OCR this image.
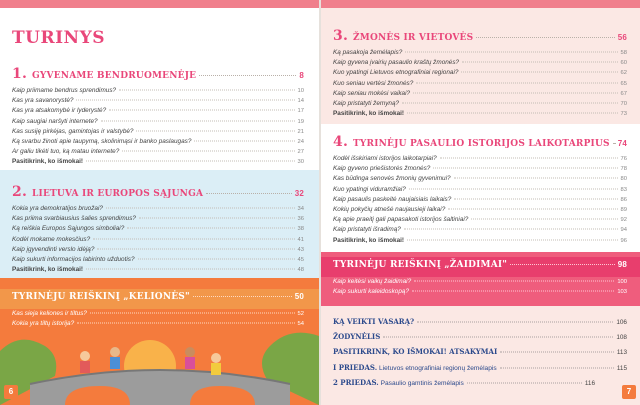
TURINYS
1. GYVENAME BENDRUOMENĖJE	8
Kaip priimame bendrus sprendimus?	10
Kas yra savanorystė?	14
Kas yra atsakomybė ir lyderystė?	17
Kaip saugiai naršyti internete?	19
Kas susiję pirkėjas, gamintojas ir valstybė?	21
Ką svarbu žinoti apie taupymą, skolinimąsi ir banko paslaugas?	24
Ar galiu tikėti tuo, ką matau internete?	27
Pasitikrink, ko išmokai!	30
2. LIETUVA IR EUROPOS SĄJUNGA	32
Kokia yra demokratijos bruožai?	34
Kas priima svarbiausius šalies sprendimus?	36
Ką reiškia Europos Sąjungos simboliai?	38
Kodėl mokame mokesčius?	41
Kaip įgyvendinti verslo idėją?	43
Kaip sukurti informacijos labirinto užduotis?	45
Pasitikrink, ko išmokai!	48
TYRINĖJU REIŠKINĮ „KELIONĖS"	50
Kas sieja keliones ir tiltus?	52
Kokia yra tiltų istorija?	54
6
3. ŽMONĖS IR VIETOVĖS	56
Ką pasakoja žemėlapis?	58
Kaip gyvena įvairių pasaulio kraštų žmonės?	60
Kuo ypatingi Lietuvos etnografiniai regionai?	62
Kuo seniau vertėsi žmonės?	65
Kaip seniau mokėsi vaikai?	67
Kaip pristatyti žemyną?	70
Pasitikrink, ko išmokai!	73
4. TYRINĖJU PASAULIO ISTORIJOS LAIKOTARPIUS 74
Kodėl išskiriami istorijos laikotarpiai?	76
Kaip gyveno priešistorės žmonės?	78
Kas būdinga senovės žmonių gyvenimui?	80
Kuo ypatingi viduramžiai?	83
Kaip pasaulis paskeitė naujaisiais laikais?	86
Kokių pokyčių atnešė naujausieji laikai?	89
Ką apie praeitį gali papasakoti istorijos šaltiniai?	92
Kaip pristatyti išradimą?	94
Pasitikrink, ko išmokai!	96
TYRINĖJU REIŠKINĮ „ŽAIDIMAI"	98
Kaip keitėsi vaikų žaidimai?	100
Kaip sukurti kaleidoskopą?	103
KĄ VEIKTI VASARĄ?	106
ŽODYNĖLIS	108
PASITIKRINK, KO IŠMOKAI! ATSAKYMAI	113
I PRIEDAS. Lietuvos etnografiniai regionų žemėlapis	115
2 PRIEDAS. Pasaulio gamtinis žemėlapis	116
7
